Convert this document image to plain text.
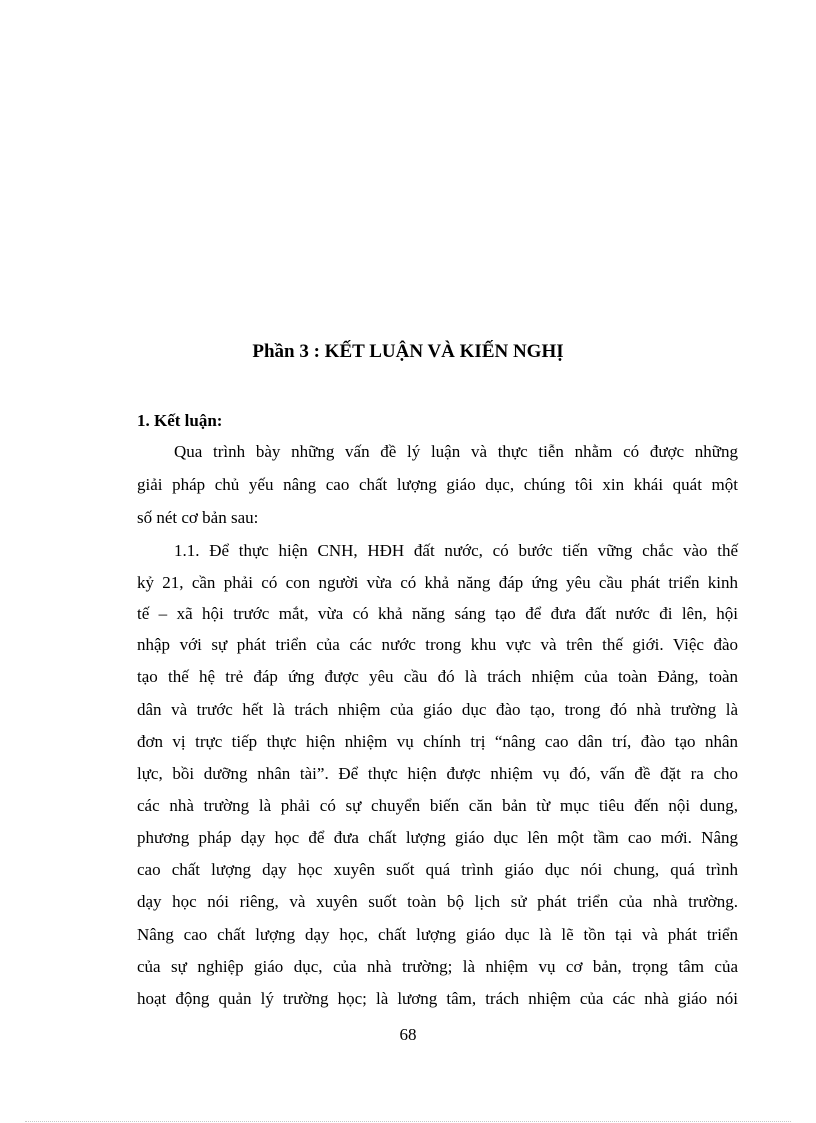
Phần 3 : KẾT LUẬN VÀ KIẾN NGHỊ
1. Kết luận:
Qua trình bày những vấn đề lý luận và thực tiễn nhằm có được những
giải pháp chủ yếu nâng cao chất lượng giáo dục, chúng tôi xin khái quát một
số nét cơ bản sau:
1.1. Để thực hiện CNH, HĐH đất nước, có bước tiến vững chắc vào thế
kỷ 21, cần phải có con người vừa có khả năng đáp ứng yêu cầu phát triển kinh
tế – xã hội trước mắt, vừa có khả năng sáng tạo để đưa đất nước đi lên, hội
nhập với sự phát triển của các nước trong khu vực và trên thế giới. Việc đào
tạo thế hệ trẻ đáp ứng được yêu cầu đó là trách nhiệm của toàn Đảng, toàn
dân và trước hết là trách nhiệm của giáo dục đào tạo, trong đó nhà trường là
đơn vị trực tiếp thực hiện nhiệm vụ chính trị “nâng cao dân trí, đào tạo nhân
lực, bồi dưỡng nhân tài”. Để thực hiện được nhiệm vụ đó, vấn đề đặt ra cho
các nhà trường là phải có sự chuyển biến căn bản từ mục tiêu đến nội dung,
phương pháp dạy học để đưa chất lượng giáo dục lên một tầm cao mới. Nâng
cao chất lượng dạy học xuyên suốt quá trình giáo dục nói chung, quá trình
dạy học nói riêng, và xuyên suốt toàn bộ lịch sử phát triển của nhà trường.
Nâng cao chất lượng dạy học, chất lượng giáo dục là lẽ tồn tại và phát triển
của sự nghiệp giáo dục, của nhà trường; là nhiệm vụ cơ bản, trọng tâm của
hoạt động quản lý trường học; là lương tâm, trách nhiệm của các nhà giáo nói
68
